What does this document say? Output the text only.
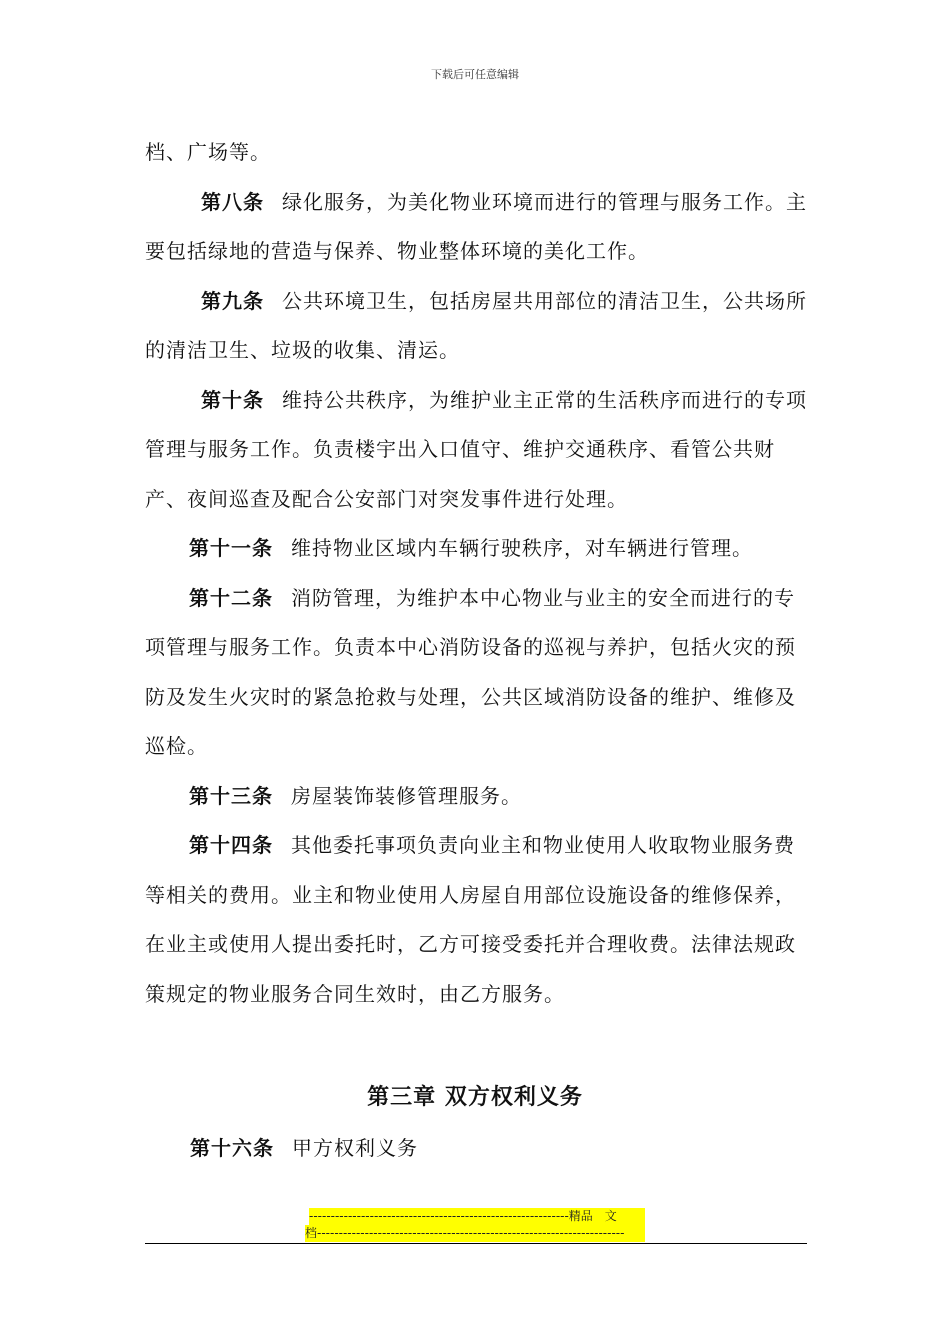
下载后可任意编辑

档、广场等。

第八条 绿化服务，为美化物业环境而进行的管理与服务工作。主要包括绿地的营造与保养、物业整体环境的美化工作。

第九条 公共环境卫生，包括房屋共用部位的清洁卫生，公共场所的清洁卫生、垃圾的收集、清运。

第十条 维持公共秩序，为维护业主正常的生活秩序而进行的专项管理与服务工作。负责楼宇出入口值守、维护交通秩序、看管公共财产、夜间巡查及配合公安部门对突发事件进行处理。

第十一条 维持物业区域内车辆行驶秩序，对车辆进行管理。

第十二条 消防管理，为维护本中心物业与业主的安全而进行的专项管理与服务工作。负责本中心消防设备的巡视与养护，包括火灾的预防及发生火灾时的紧急抢救与处理，公共区域消防设备的维护、维修及巡检。

第十三条 房屋装饰装修管理服务。

第十四条 其他委托事项负责向业主和物业使用人收取物业服务费等相关的费用。业主和物业使用人房屋自用部位设施设备的维修保养，在业主或使用人提出委托时，乙方可接受委托并合理收费。法律法规政策规定的物业服务合同生效时，由乙方服务。

第三章 双方权利义务
第十六条 甲方权利义务
------------------------------------------------------------精品　文
档-----------------------------------------------------------------------
